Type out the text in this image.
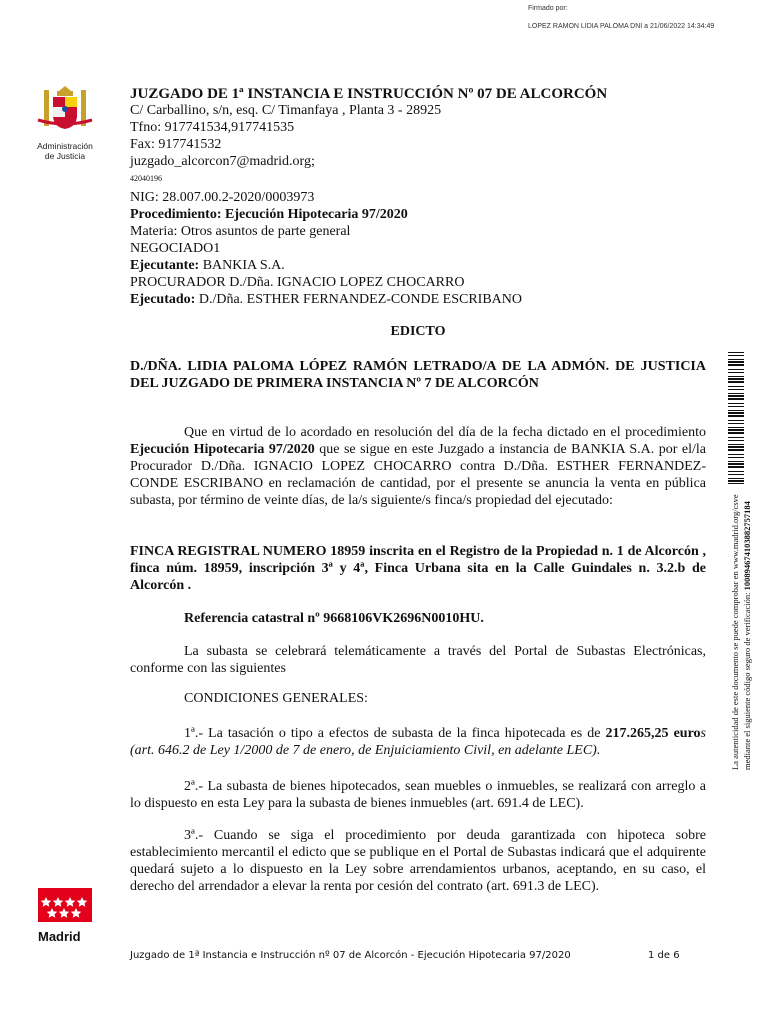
Firmado por:
LOPEZ RAMON LIDIA PALOMA DNI a 21/06/2022 14:34:49
Administración
de Justicia
JUZGADO DE 1ª INSTANCIA E INSTRUCCIÓN Nº 07 DE ALCORCÓN
C/ Carballino, s/n, esq. C/ Timanfaya , Planta 3 - 28925
Tfno: 917741534,917741535
Fax: 917741532
juzgado_alcorcon7@madrid.org;
42040196
NIG: 28.007.00.2-2020/0003973
Procedimiento: Ejecución Hipotecaria 97/2020
Materia: Otros asuntos de parte general
NEGOCIADO1
Ejecutante: BANKIA S.A.
PROCURADOR D./Dña. IGNACIO LOPEZ CHOCARRO
Ejecutado: D./Dña. ESTHER FERNANDEZ-CONDE ESCRIBANO
EDICTO
D./DÑA. LIDIA PALOMA LÓPEZ RAMÓN LETRADO/A DE LA ADMÓN. DE JUSTICIA DEL JUZGADO DE PRIMERA INSTANCIA Nº 7 DE ALCORCÓN
Que en virtud de lo acordado en resolución del día de la fecha dictado en el procedimiento Ejecución Hipotecaria 97/2020 que se sigue en este Juzgado a instancia de BANKIA S.A. por el/la Procurador D./Dña. IGNACIO LOPEZ CHOCARRO contra D./Dña. ESTHER FERNANDEZ-CONDE ESCRIBANO en reclamación de cantidad, por el presente se anuncia la venta en pública subasta, por término de veinte días, de la/s siguiente/s finca/s propiedad del ejecutado:
FINCA REGISTRAL NUMERO 18959 inscrita en el Registro de la Propiedad n. 1 de Alcorcón , finca núm. 18959, inscripción 3ª y 4ª, Finca Urbana sita en la Calle Guindales n. 3.2.b de Alcorcón .
Referencia catastral nº 9668106VK2696N0010HU.
La subasta se celebrará telemáticamente a través del Portal de Subastas Electrónicas, conforme con las siguientes
CONDICIONES GENERALES:
1ª.- La tasación o tipo a efectos de subasta de la finca hipotecada es de 217.265,25 euros (art. 646.2 de Ley 1/2000 de 7 de enero, de Enjuiciamiento Civil, en adelante LEC).
2ª.- La subasta de bienes hipotecados, sean muebles o inmuebles, se realizará con arreglo a lo dispuesto en esta Ley para la subasta de bienes inmuebles (art. 691.4 de LEC).
3ª.- Cuando se siga el procedimiento por deuda garantizada con hipoteca sobre establecimiento mercantil el edicto que se publique en el Portal de Subastas indicará que el adquirente quedará sujeto a lo dispuesto en la Ley sobre arrendamientos urbanos, aceptando, en su caso, el derecho del arrendador a elevar la renta por cesión del contrato (art. 691.3 de LEC).
La autenticidad de este documento se puede comprobar en www.madrid.org/csve mediante el siguiente código seguro de verificación: 1008946741038827571​84
Madrid
Juzgado de 1ª Instancia e Instrucción nº 07 de Alcorcón - Ejecución Hipotecaria 97/2020	1 de 6
